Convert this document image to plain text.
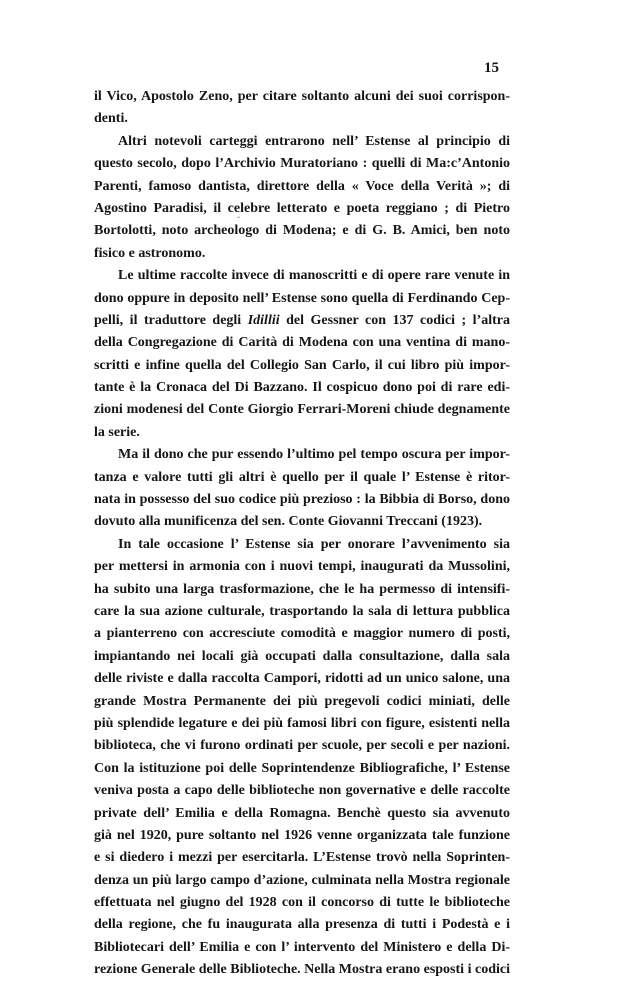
15
ˇ
il Vico, Apostolo Zeno, per citare soltanto alcuni dei suoi corrispon-
denti.
Altri notevoli carteggi entrarono nell’ Estense al principio di
questo secolo, dopo l’Archivio Muratoriano : quelli di Ma:c’Antonio
Parenti, famoso dantista, direttore della « Voce della Verità »; di
Agostino Paradisi, il celebre letterato e poeta reggiano ; di Pietro
Bortolotti, noto archeologo di Modena; e di G. B. Amici, ben noto
fisico e astronomo.
Le ultime raccolte invece di manoscritti e di opere rare venute in
dono oppure in deposito nell’ Estense sono quella di Ferdinando Cep-
pelli, il traduttore degli Idillii del Gessner con 137 codici ; l’altra
della Congregazione di Carità di Modena con una ventina di mano-
scritti e infine quella del Collegio San Carlo, il cui libro più impor-
tante è la Cronaca del Di Bazzano. Il cospicuo dono poi di rare edi-
zioni modenesi del Conte Giorgio Ferrari-Moreni chiude degnamente
la serie.
Ma il dono che pur essendo l’ultimo pel tempo oscura per impor-
tanza e valore tutti gli altri è quello per il quale l’ Estense è ritor-
nata in possesso del suo codice più prezioso : la Bibbia di Borso, dono
dovuto alla munificenza del sen. Conte Giovanni Treccani (1923).
In tale occasione l’ Estense sia per onorare l’avvenimento sia
per mettersi in armonia con i nuovi tempi, inaugurati da Mussolini,
ha subito una larga trasformazione, che le ha permesso di intensifi-
care la sua azione culturale, trasportando la sala di lettura pubblica
a pianterreno con accresciute comodità e maggior numero di posti,
impiantando nei locali già occupati dalla consultazione, dalla sala
delle riviste e dalla raccolta Campori, ridotti ad un unico salone, una
grande Mostra Permanente dei più pregevoli codici miniati, delle
più splendide legature e dei più famosi libri con figure, esistenti nella
biblioteca, che vi furono ordinati per scuole, per secoli e per nazioni.
Con la istituzione poi delle Soprintendenze Bibliografiche, l’ Estense
veniva posta a capo delle biblioteche non governative e delle raccolte
private dell’ Emilia e della Romagna. Benchè questo sia avvenuto
già nel 1920, pure soltanto nel 1926 venne organizzata tale funzione
e si diedero i mezzi per esercitarla. L’Estense trovò nella Soprinten-
denza un più largo campo d’azione, culminata nella Mostra regionale
effettuata nel giugno del 1928 con il concorso di tutte le biblioteche
della regione, che fu inaugurata alla presenza di tutti i Podestà e i
Bibliotecari dell’ Emilia e con l’ intervento del Ministero e della Di-
rezione Generale delle Biblioteche. Nella Mostra erano esposti i codici
